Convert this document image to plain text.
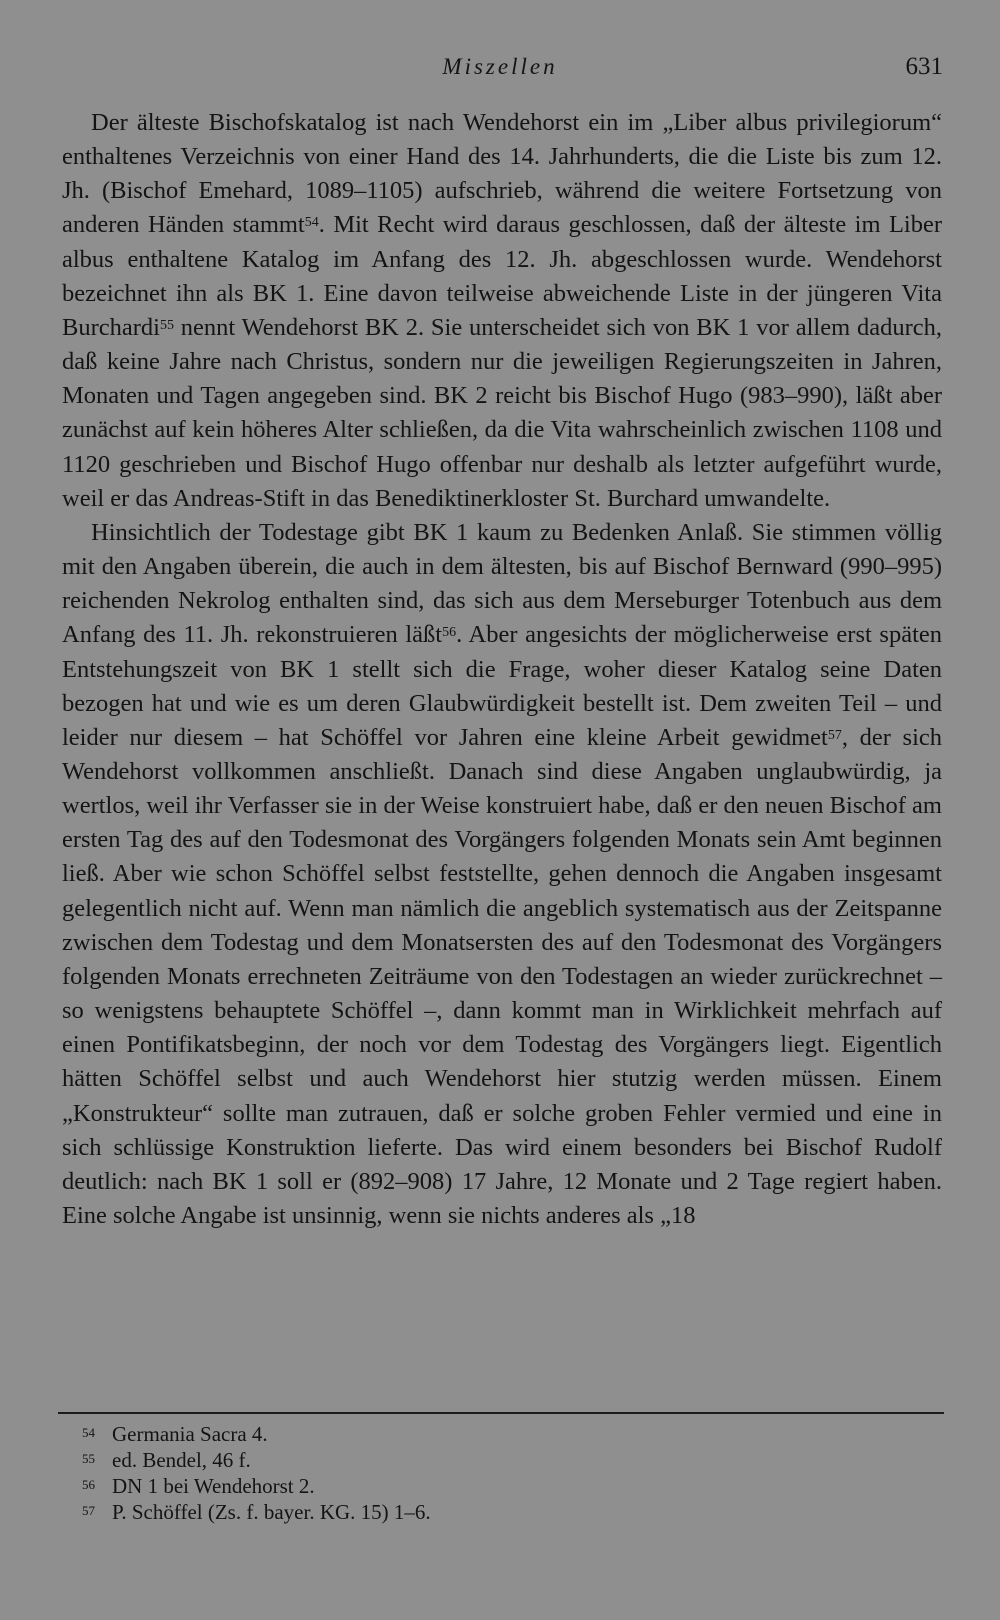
Miszellen	631

Der älteste Bischofskatalog ist nach Wendehorst ein im „Liber albus privilegiorum“ enthaltenes Verzeichnis von einer Hand des 14. Jahrhunderts, die die Liste bis zum 12. Jh. (Bischof Emehard, 1089–1105) aufschrieb, während die weitere Fortsetzung von anderen Händen stammt$^{54}$. Mit Recht wird daraus geschlossen, daß der älteste im Liber albus enthaltene Katalog im Anfang des 12. Jh. abgeschlossen wurde. Wendehorst bezeichnet ihn als BK 1. Eine davon teilweise abweichende Liste in der jüngeren Vita Burchardi$^{55}$ nennt Wendehorst BK 2. Sie unterscheidet sich von BK 1 vor allem dadurch, daß keine Jahre nach Christus, sondern nur die jeweiligen Regierungszeiten in Jahren, Monaten und Tagen angegeben sind. BK 2 reicht bis Bischof Hugo (983–990), läßt aber zunächst auf kein höheres Alter schließen, da die Vita wahrscheinlich zwischen 1108 und 1120 geschrieben und Bischof Hugo offenbar nur deshalb als letzter aufgeführt wurde, weil er das Andreas-Stift in das Benediktinerkloster St. Burchard umwandelte.

Hinsichtlich der Todestage gibt BK 1 kaum zu Bedenken Anlaß. Sie stimmen völlig mit den Angaben überein, die auch in dem ältesten, bis auf Bischof Bernward (990–995) reichenden Nekrolog enthalten sind, das sich aus dem Merseburger Totenbuch aus dem Anfang des 11. Jh. rekonstruieren läßt$^{56}$. Aber angesichts der möglicherweise erst späten Entstehungszeit von BK 1 stellt sich die Frage, woher dieser Katalog seine Daten bezogen hat und wie es um deren Glaubwürdigkeit bestellt ist. Dem zweiten Teil – und leider nur diesem – hat Schöffel vor Jahren eine kleine Arbeit gewidmet$^{57}$, der sich Wendehorst vollkommen anschließt. Danach sind diese Angaben unglaubwürdig, ja wertlos, weil ihr Verfasser sie in der Weise konstruiert habe, daß er den neuen Bischof am ersten Tag des auf den Todesmonat des Vorgängers folgenden Monats sein Amt beginnen ließ. Aber wie schon Schöffel selbst feststellte, gehen dennoch die Angaben insgesamt gelegentlich nicht auf. Wenn man nämlich die angeblich systematisch aus der Zeitspanne zwischen dem Todestag und dem Monatsersten des auf den Todesmonat des Vorgängers folgenden Monats errechneten Zeiträume von den Todestagen an wieder zurückrechnet – so wenigstens behauptete Schöffel –, dann kommt man in Wirklichkeit mehrfach auf einen Pontifikatsbeginn, der noch vor dem Todestag des Vorgängers liegt. Eigentlich hätten Schöffel selbst und auch Wendehorst hier stutzig werden müssen. Einem „Konstrukteur“ sollte man zutrauen, daß er solche groben Fehler vermied und eine in sich schlüssige Konstruktion lieferte. Das wird einem besonders bei Bischof Rudolf deutlich: nach BK 1 soll er (892–908) 17 Jahre, 12 Monate und 2 Tage regiert haben. Eine solche Angabe ist unsinnig, wenn sie nichts anderes als „18

54 Germania Sacra 4.
55 ed. Bendel, 46 f.
56 DN 1 bei Wendehorst 2.
57 P. Schöffel (Zs. f. bayer. KG. 15) 1–6.
